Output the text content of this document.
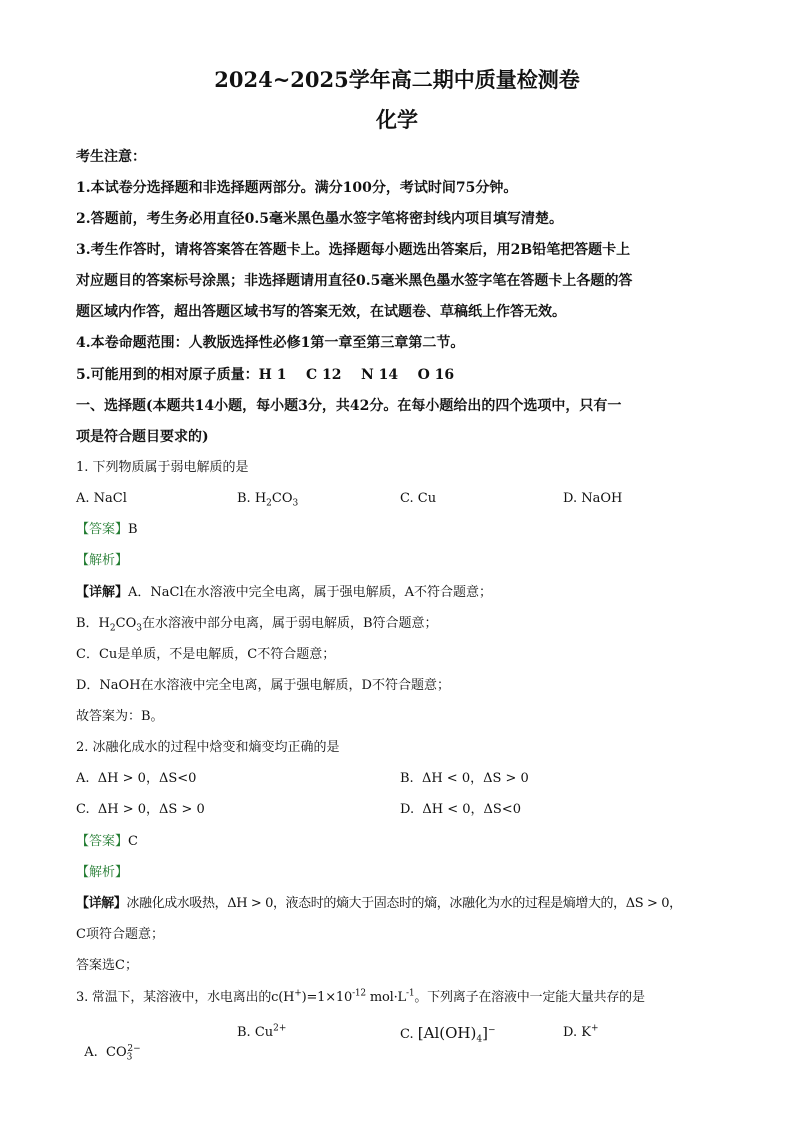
2024~2025学年高二期中质量检测卷
化学
考生注意：
1.本试卷分选择题和非选择题两部分。满分100分，考试时间75分钟。
2.答题前，考生务必用直径0.5毫米黑色墨水签字笔将密封线内项目填写清楚。
3.考生作答时，请将答案答在答题卡上。选择题每小题选出答案后，用2B铅笔把答题卡上
对应题目的答案标号涂黑；非选择题请用直径0.5毫米黑色墨水签字笔在答题卡上各题的答
题区域内作答，超出答题区域书写的答案无效，在试题卷、草稿纸上作答无效。
4.本卷命题范围：人教版选择性必修1第一章至第三章第二节。
5.可能用到的相对原子质量：H 1    C 12    N 14    O 16
一、选择题(本题共14小题，每小题3分，共42分。在每小题给出的四个选项中，只有一
项是符合题目要求的)
1. 下列物质属于弱电解质的是
A. NaCl	B. $H_2CO_3$	C. Cu	D. NaOH
【答案】B
【解析】
【详解】A．NaCl在水溶液中完全电离，属于强电解质，A不符合题意；
B．$H_2CO_3$在水溶液中部分电离，属于弱电解质，B符合题意；
C．Cu是单质，不是电解质，C不符合题意；
D．NaOH在水溶液中完全电离，属于强电解质，D不符合题意；
故答案为：B。
2. 冰融化成水的过程中焓变和熵变均正确的是
A.  ΔH > 0，ΔS<0	B.  ΔH < 0，ΔS > 0
C.  ΔH > 0，ΔS > 0	D.  ΔH < 0，ΔS<0
【答案】C
【解析】
【详解】冰融化成水吸热，ΔH > 0，液态时的熵大于固态时的熵，冰融化为水的过程是熵增大的，ΔS > 0，
C项符合题意；
答案选C；
3. 常温下，某溶液中，水电离出的$c(H^+)=1\times 10^{-12}$ $mol\cdot L^{-1}$。下列离子在溶液中一定能大量共存的是

A.  $CO_3^{2-}$

B. $Cu^{2+}$	C. $[Al(OH)_4]^-$	D. K+
